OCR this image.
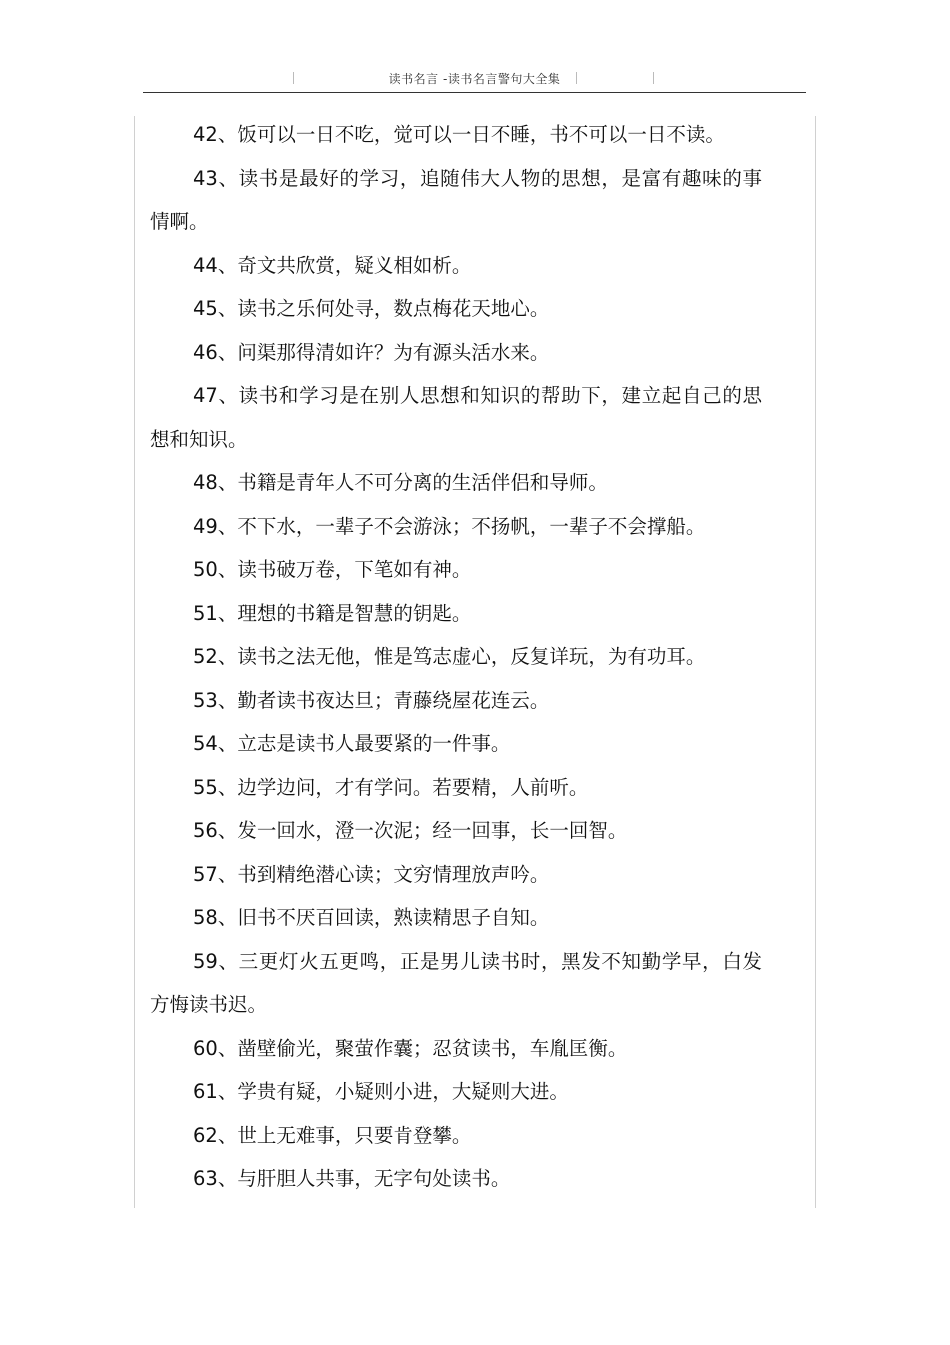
读书名言 -读书名言警句大全集

42、饭可以一日不吃，觉可以一日不睡，书不可以一日不读。

43、读书是最好的学习，追随伟大人物的思想，是富有趣味的事情啊。

44、奇文共欣赏，疑义相如析。

45、读书之乐何处寻，数点梅花天地心。

46、问渠那得清如许？为有源头活水来。

47、读书和学习是在别人思想和知识的帮助下，建立起自己的思想和知识。

48、书籍是青年人不可分离的生活伴侣和导师。

49、不下水，一辈子不会游泳；不扬帆，一辈子不会撑船。

50、读书破万卷，下笔如有神。

51、理想的书籍是智慧的钥匙。

52、读书之法无他，惟是笃志虚心，反复详玩，为有功耳。

53、勤者读书夜达旦；青藤绕屋花连云。

54、立志是读书人最要紧的一件事。

55、边学边问，才有学问。若要精，人前听。

56、发一回水，澄一次泥；经一回事，长一回智。

57、书到精绝潜心读；文穷情理放声吟。

58、旧书不厌百回读，熟读精思子自知。

59、三更灯火五更鸣，正是男儿读书时，黑发不知勤学早，白发方悔读书迟。

60、凿壁偷光，聚萤作囊；忍贫读书，车胤匡衡。

61、学贵有疑，小疑则小进，大疑则大进。

62、世上无难事，只要肯登攀。

63、与肝胆人共事，无字句处读书。
